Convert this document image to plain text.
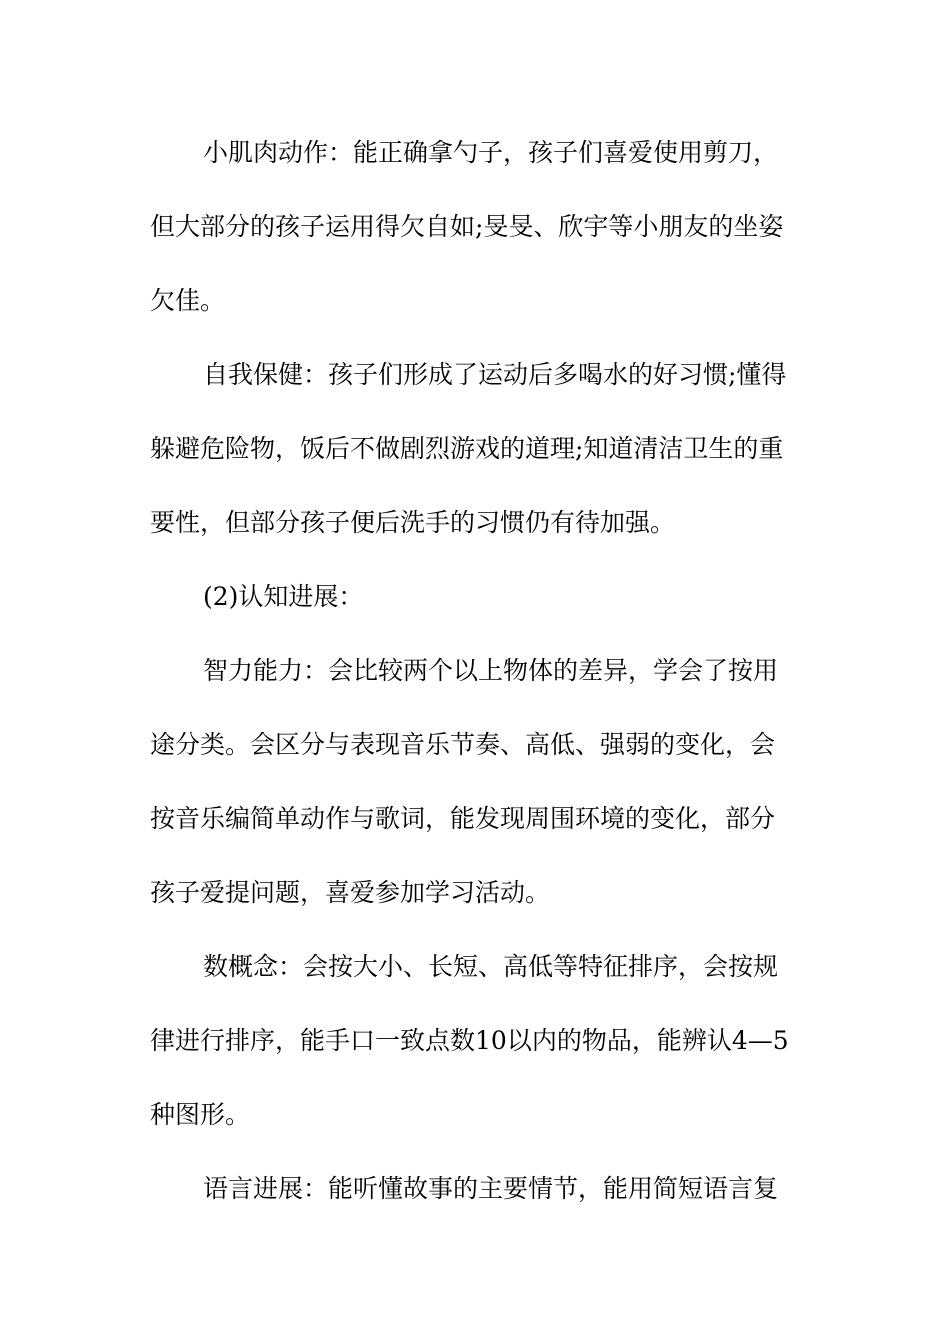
小肌肉动作：能正确拿勺子，孩子们喜爱使用剪刀，
但大部分的孩子运用得欠自如;旻旻、欣宇等小朋友的坐姿
欠佳。
自我保健：孩子们形成了运动后多喝水的好习惯;懂得
躲避危险物，饭后不做剧烈游戏的道理;知道清洁卫生的重
要性，但部分孩子便后洗手的习惯仍有待加强。
(2)认知进展：
智力能力：会比较两个以上物体的差异，学会了按用
途分类。会区分与表现音乐节奏、高低、强弱的变化，会
按音乐编简单动作与歌词，能发现周围环境的变化，部分
孩子爱提问题，喜爱参加学习活动。
数概念：会按大小、长短、高低等特征排序，会按规
律进行排序，能手口一致点数10以内的物品，能辨认4—5
种图形。
语言进展：能听懂故事的主要情节，能用简短语言复
